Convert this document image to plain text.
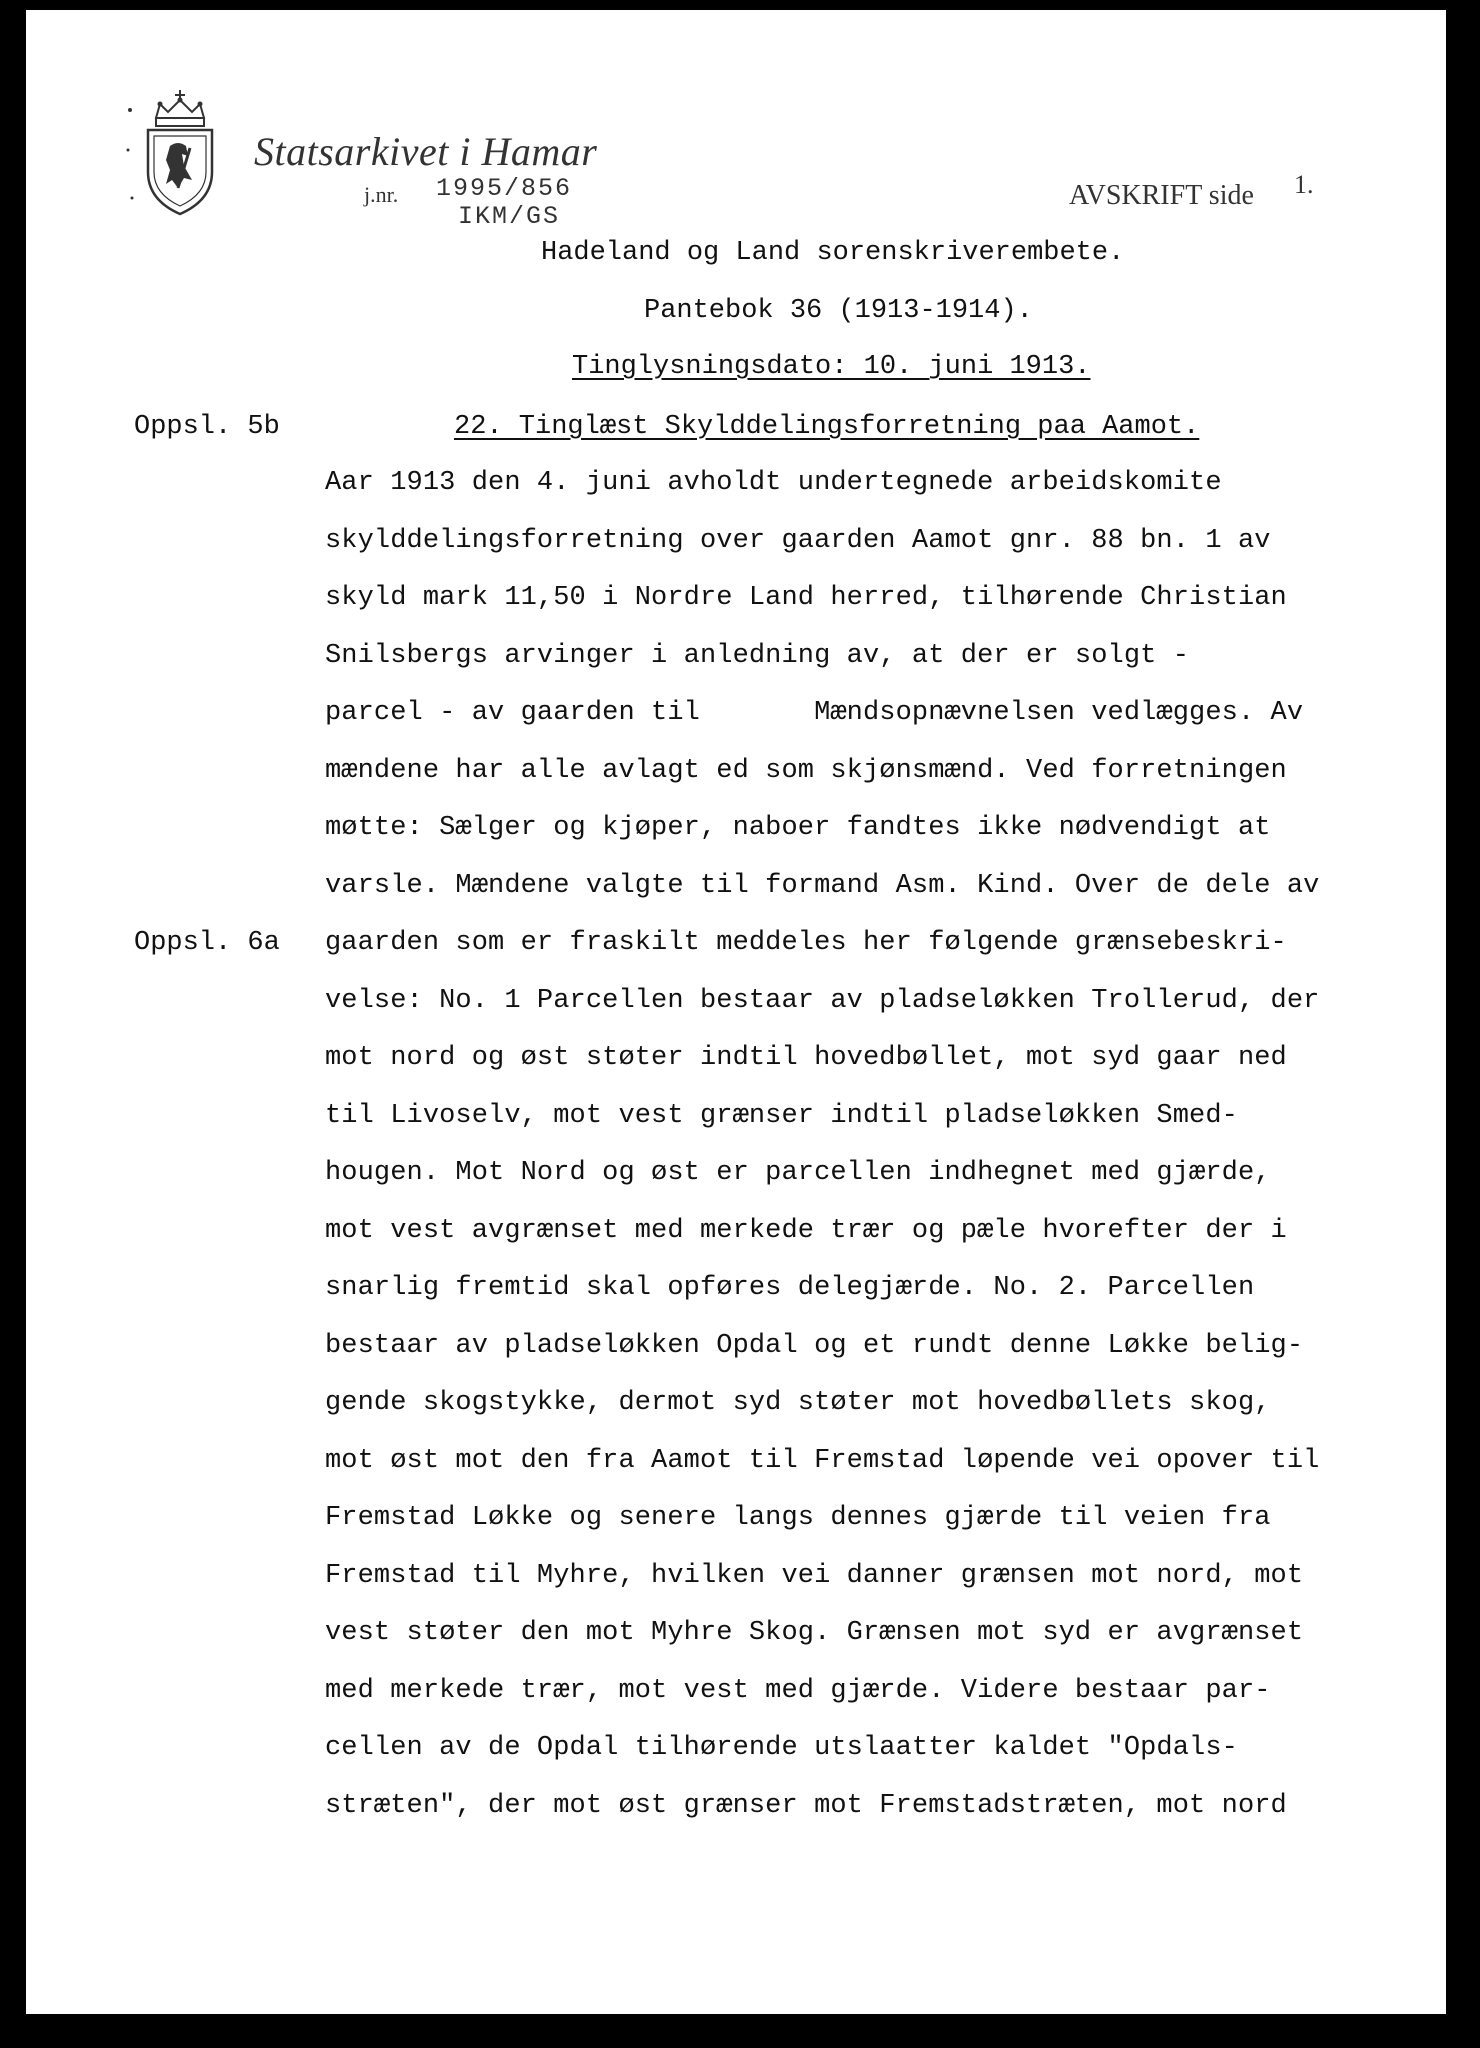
Statsarkivet i Hamar
j.nr. 1995/856
IKM/GS
AVSKRIFT side 1.
Hadeland og Land sorenskriverembete.
Pantebok 36 (1913-1914).
Tinglysningsdato: 10. juni 1913.
Oppsl. 5b
Oppsl. 6a
22. Tinglæst Skylddelingsforretning paa Aamot.
Aar 1913 den 4. juni avholdt undertegnede arbeidskomite
skylddelingsforretning over gaarden Aamot gnr. 88 bn. 1 av
skyld mark 11,50 i Nordre Land herred, tilhørende Christian
Snilsbergs arvinger i anledning av, at der er solgt -
parcel - av gaarden til       Mændsopnævnelsen vedlægges. Av
mændene har alle avlagt ed som skjønsmænd. Ved forretningen
møtte: Sælger og kjøper, naboer fandtes ikke nødvendigt at
varsle. Mændene valgte til formand Asm. Kind. Over de dele av
gaarden som er fraskilt meddeles her følgende grænsebeskri-
velse: No. 1 Parcellen bestaar av pladseløkken Trollerud, der
mot nord og øst støter indtil hovedbøllet, mot syd gaar ned
til Livoselv, mot vest grænser indtil pladseløkken Smed-
hougen. Mot Nord og øst er parcellen indhegnet med gjærde,
mot vest avgrænset med merkede trær og pæle hvorefter der i
snarlig fremtid skal opføres delegjærde. No. 2. Parcellen
bestaar av pladseløkken Opdal og et rundt denne Løkke belig-
gende skogstykke, dermot syd støter mot hovedbøllets skog,
mot øst mot den fra Aamot til Fremstad løpende vei opover til
Fremstad Løkke og senere langs dennes gjærde til veien fra
Fremstad til Myhre, hvilken vei danner grænsen mot nord, mot
vest støter den mot Myhre Skog. Grænsen mot syd er avgrænset
med merkede trær, mot vest med gjærde. Videre bestaar par-
cellen av de Opdal tilhørende utslaatter kaldet "Opdals-
stræten", der mot øst grænser mot Fremstadstræten, mot nord
